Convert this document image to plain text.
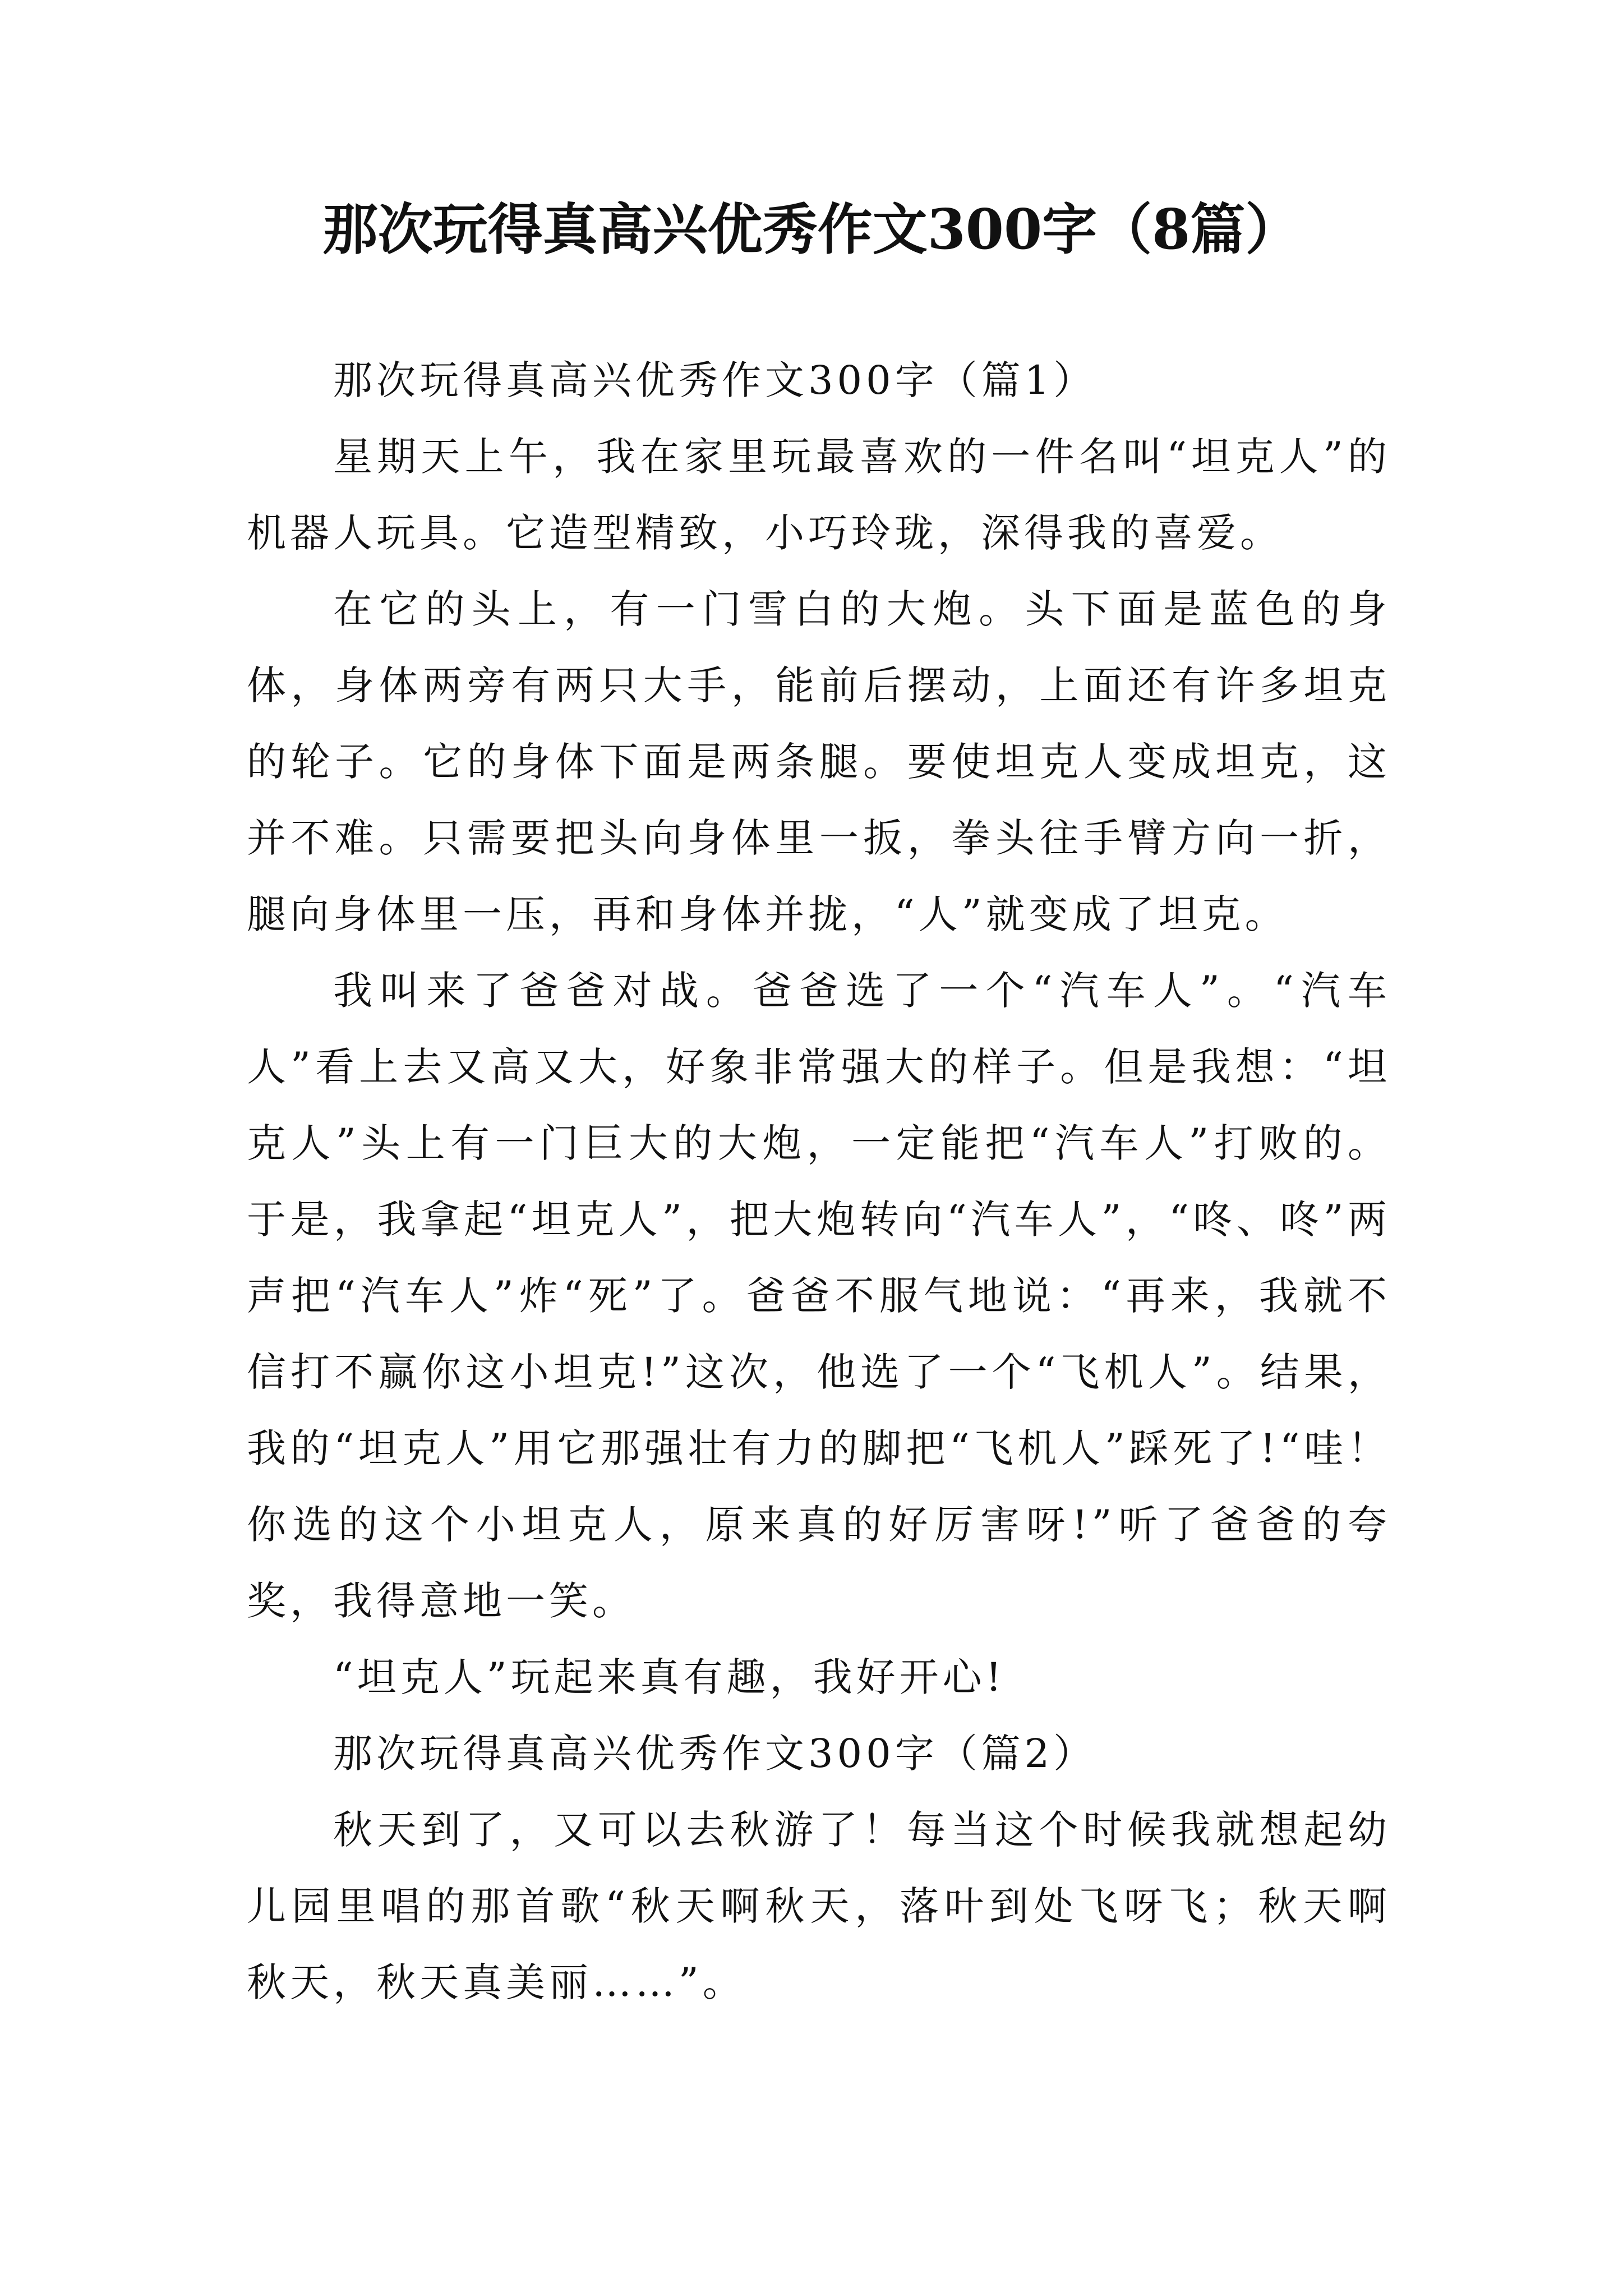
那次玩得真高兴优秀作文300字（8篇）

那次玩得真高兴优秀作文300字（篇1）

星期天上午，我在家里玩最喜欢的一件名叫“坦克人”的机器人玩具。它造型精致，小巧玲珑，深得我的喜爱。

在它的头上，有一门雪白的大炮。头下面是蓝色的身体，身体两旁有两只大手，能前后摆动，上面还有许多坦克的轮子。它的身体下面是两条腿。要使坦克人变成坦克，这并不难。只需要把头向身体里一扳，拳头往手臂方向一折，腿向身体里一压，再和身体并拢，“人”就变成了坦克。

我叫来了爸爸对战。爸爸选了一个“汽车人”。“汽车人”看上去又高又大，好象非常强大的样子。但是我想：“坦克人”头上有一门巨大的大炮，一定能把“汽车人”打败的。于是，我拿起“坦克人”，把大炮转向“汽车人”，“咚、咚”两声把“汽车人”炸“死”了。爸爸不服气地说：“再来，我就不信打不赢你这小坦克!”这次，他选了一个“飞机人”。结果，我的“坦克人”用它那强壮有力的脚把“飞机人”踩死了!“哇！你选的这个小坦克人，原来真的好厉害呀!”听了爸爸的夸奖，我得意地一笑。

“坦克人”玩起来真有趣，我好开心!

那次玩得真高兴优秀作文300字（篇2）

秋天到了，又可以去秋游了！每当这个时候我就想起幼儿园里唱的那首歌“秋天啊秋天，落叶到处飞呀飞；秋天啊秋天，秋天真美丽……”。
